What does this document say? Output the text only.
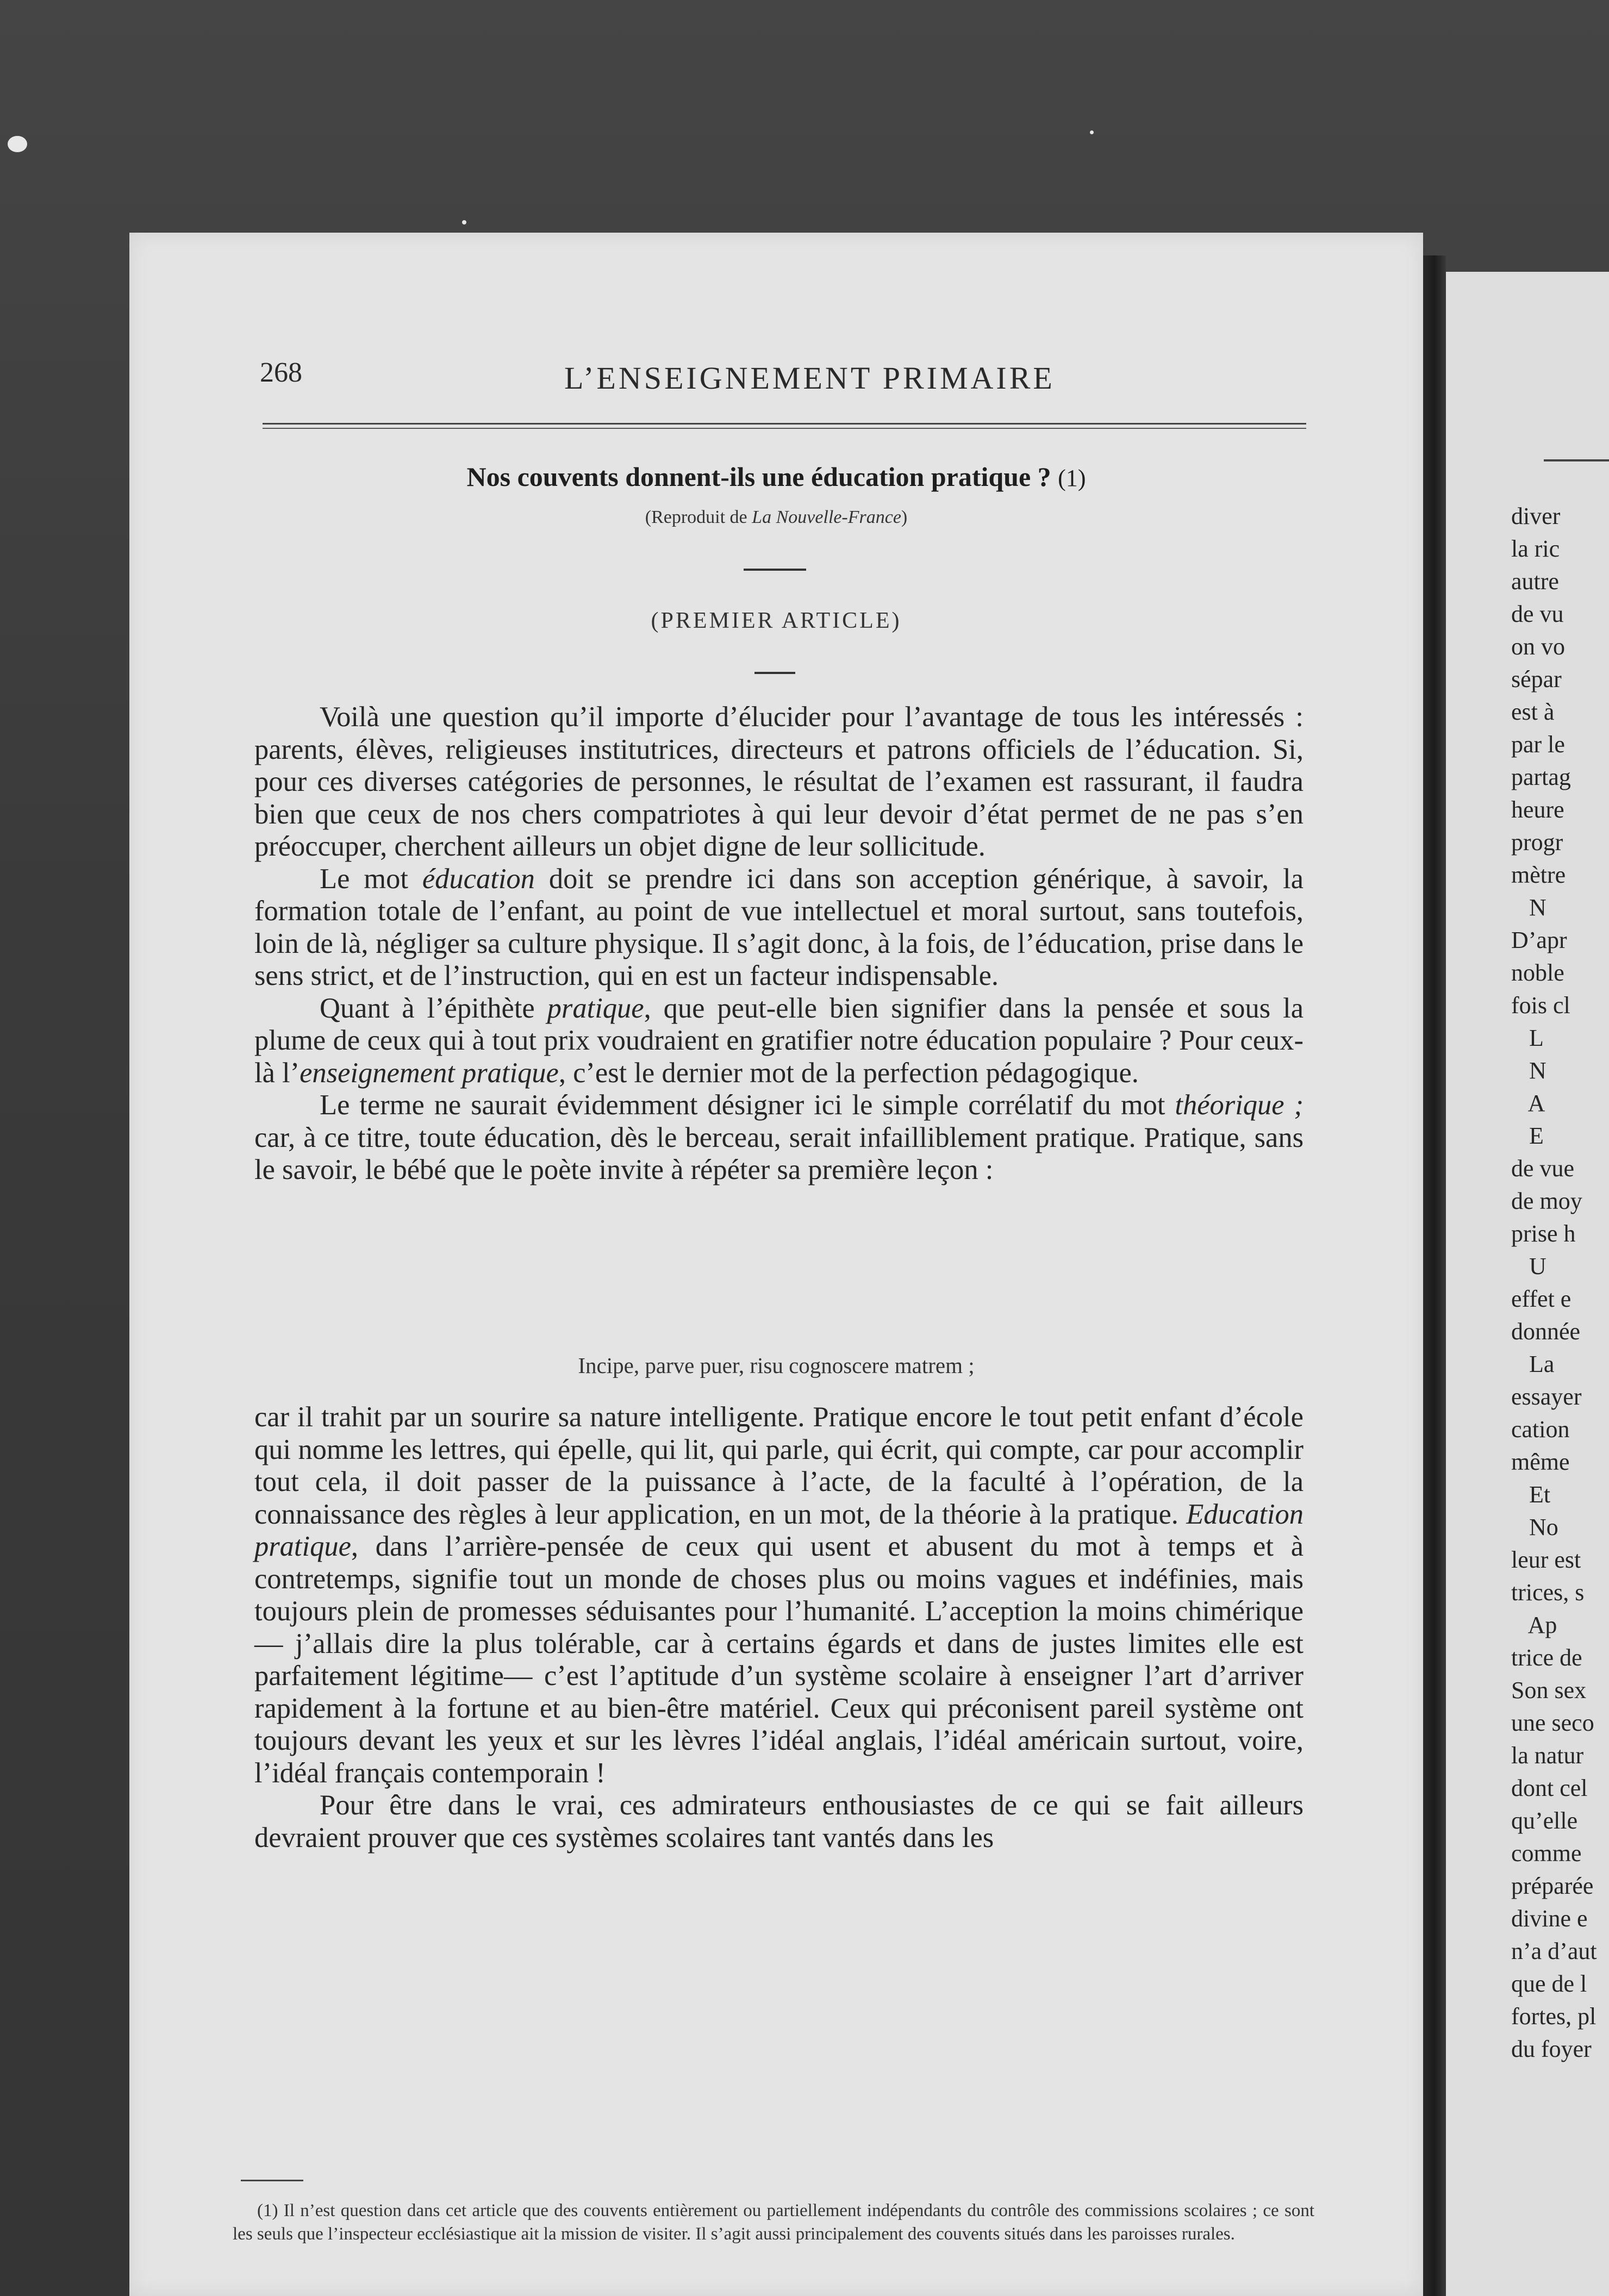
268	L’ENSEIGNEMENT PRIMAIRE
Nos couvents donnent-ils une éducation pratique ? (1)
(Reproduit de La Nouvelle-France)
(PREMIER ARTICLE)

Voilà une question qu’il importe d’élucider pour l’avantage de tous les intéressés : parents, élèves, religieuses institutrices, directeurs et patrons officiels de l’éducation. Si, pour ces diverses catégories de personnes, le résultat de l’examen est rassurant, il faudra bien que ceux de nos chers compatriotes à qui leur devoir d’état permet de ne pas s’en préoccuper, cherchent ailleurs un objet digne de leur sollicitude.

Le mot éducation doit se prendre ici dans son acception générique, à savoir, la formation totale de l’enfant, au point de vue intellectuel et moral surtout, sans toutefois, loin de là, négliger sa culture physique. Il s’agit donc, à la fois, de l’éducation, prise dans le sens strict, et de l’instruction, qui en est un facteur indispensable.

Quant à l’épithète pratique, que peut-elle bien signifier dans la pensée et sous la plume de ceux qui à tout prix voudraient en gratifier notre éducation populaire ? Pour ceux-là l’enseignement pratique, c’est le dernier mot de la perfection pédagogique.

Le terme ne saurait évidemment désigner ici le simple corrélatif du mot théorique ; car, à ce titre, toute éducation, dès le berceau, serait infailliblement pratique. Pratique, sans le savoir, le bébé que le poète invite à répéter sa première leçon :

Incipe, parve puer, risu cognoscere matrem ;

car il trahit par un sourire sa nature intelligente. Pratique encore le tout petit enfant d’école qui nomme les lettres, qui épelle, qui lit, qui parle, qui écrit, qui compte, car pour accomplir tout cela, il doit passer de la puissance à l’acte, de la faculté à l’opération, de la connaissance des règles à leur application, en un mot, de la théorie à la pratique. Education pratique, dans l’arrière-pensée de ceux qui usent et abusent du mot à temps et à contretemps, signifie tout un monde de choses plus ou moins vagues et indéfinies, mais toujours plein de promesses séduisantes pour l’humanité. L’acception la moins chimérique— j’allais dire la plus tolérable, car à certains égards et dans de justes limites elle est parfaitement légitime— c’est l’aptitude d’un système scolaire à enseigner l’art d’arriver rapidement à la fortune et au bien-être matériel. Ceux qui préconisent pareil système ont toujours devant les yeux et sur les lèvres l’idéal anglais, l’idéal américain surtout, voire, l’idéal français contemporain !

Pour être dans le vrai, ces admirateurs enthousiastes de ce qui se fait ailleurs devraient prouver que ces systèmes scolaires tant vantés dans les

(1) Il n’est question dans cet article que des couvents entièrement ou partiellement indépendants du contrôle des commissions scolaires ; ce sont les seuls que l’inspecteur ecclésiastique ait la mission de visiter. Il s’agit aussi principalement des couvents situés dans les paroisses rurales.

diver
la ric
autre
de vu
on vo
sépar
est à
par le
partag
heure
progr
mètre
N
D’apr
noble
fois cl
L
N
A
E
de vue
de moy
prise h
U
effet e
donnée
La
essayer
cation
même
Et
No
leur est
trices, s
Ap
trice de
Son sex
une seco
la natur
dont cel
qu’elle
comme
préparée
divine e
n’a d’aut
que de l
fortes, pl
du foyer
